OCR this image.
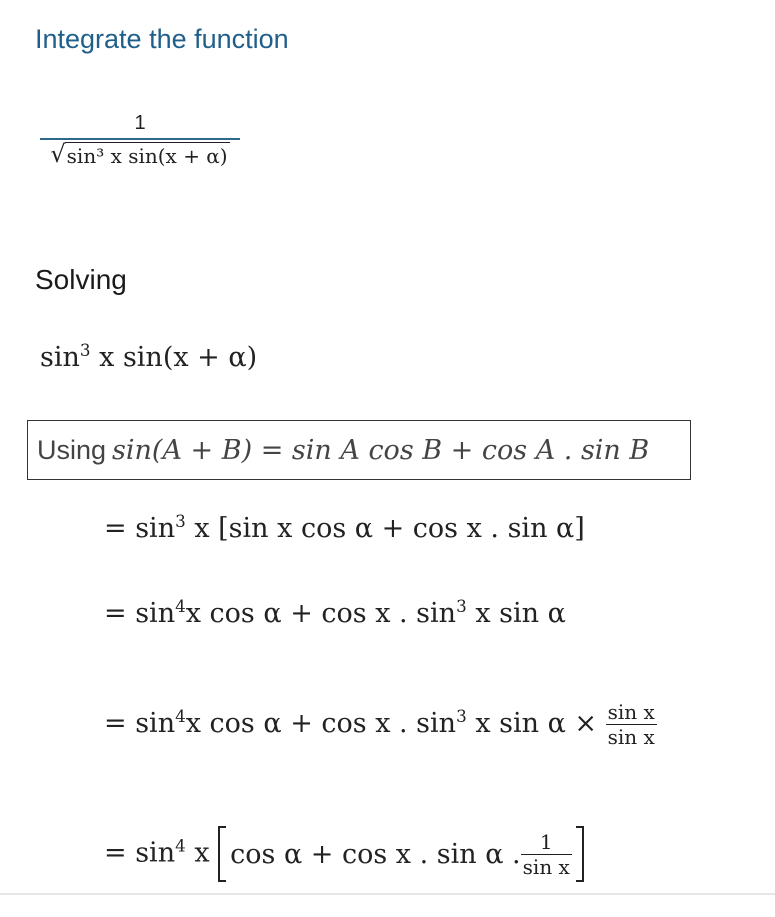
Integrate the function
$\frac{1}{\text{√ sin³ x sin(x + α)}}$
Solving
$\sin^3 x$ sin(x + α)
Using sin(A + B) = sin A cos B + cos A . sin B
= $\sin^3 x$ [sin x cos α + cos x . sin α]
= $\sin^4x$ cos α + cos x . $\sin^3 x$ sin α
= $\sin^4x$ cos α + cos x . $\sin^3 x$ $\sin \alpha \times \frac{\text{sin x}}{\text{sin x}}$
= $\sin^4 x$ cos α + cos x . sin α . $\frac{1}{\text{sin x}}$
